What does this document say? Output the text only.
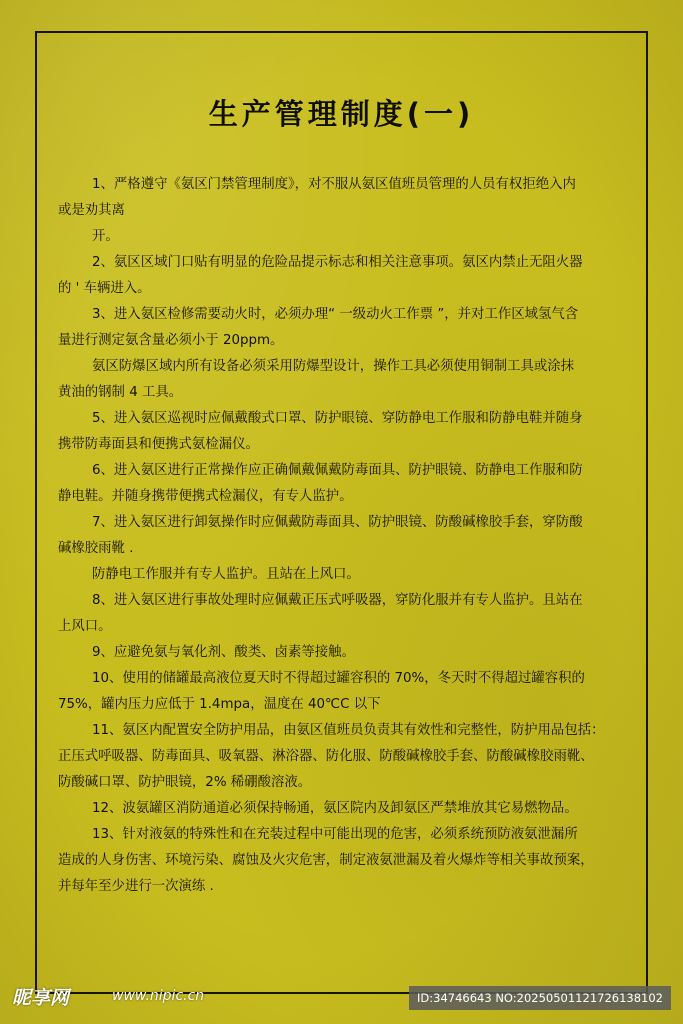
生产管理制度(一)
1、严格遵守《氨区门禁管理制度》，对不服从氨区值班员管理的人员有权拒绝入内
或是劝其离
开。
2、氨区区域门口贴有明显的危险品提示标志和相关注意事项。氨区内禁止无阻火器
的 ' 车辆进入。
3、进入氨区检修需要动火时，必须办理“ 一级动火工作票 ”，并对工作区域氢气含
量进行测定氨含量必须小于 20ppm。
氨区防爆区域内所有设备必须采用防爆型设计，操作工具必须使用铜制工具或涂抹
黄油的钢制 4 工具。
5、进入氨区巡视时应佩戴酸式口罩、防护眼镜、穿防静电工作服和防静电鞋并随身
携带防毒面县和便携式氨检漏仪。
6、进入氨区进行正常操作应正确佩戴佩戴防毒面具、防护眼镜、防静电工作服和防
静电鞋。并随身携带便携式检漏仪，有专人监护。
7、进入氨区进行卸氨操作时应佩戴防毒面具、防护眼镜、防酸碱橡胶手套，穿防酸
碱橡胶雨靴 .
防静电工作服并有专人监护。且站在上风口。
8、进入氨区进行事故处理时应佩戴正压式呼吸器，穿防化服并有专人监护。且站在
上风口。
9、应避免氨与氧化剂、酸类、卤素等接触。
10、使用的储罐最高液位夏天时不得超过罐容积的 70%，冬天时不得超过罐容积的
75%，罐内压力应低于 1.4mpa，温度在 40℃C 以下
11、氨区内配置安全防护用品，由氨区值班员负责其有效性和完整性，防护用品包括：
正压式呼吸器、防毒面具、吸氧器、淋浴器、防化服、防酸碱橡胶手套、防酸碱橡胶雨靴、
防酸碱口罩、防护眼镜，2% 稀硼酸溶液。
12、波氨罐区消防通道必须保持畅通，氨区院内及卸氨区严禁堆放其它易燃物品。
13、针对液氨的特殊性和在充装过程中可能出现的危害，必须系统预防液氨泄漏所
造成的人身伤害、环境污染、腐蚀及火灾危害，制定液氨泄漏及着火爆炸等相关事故预案，
并每年至少进行一次演练 .
昵享网	www.nipic.cn	ID:34746643 NO:20250501121726138102
